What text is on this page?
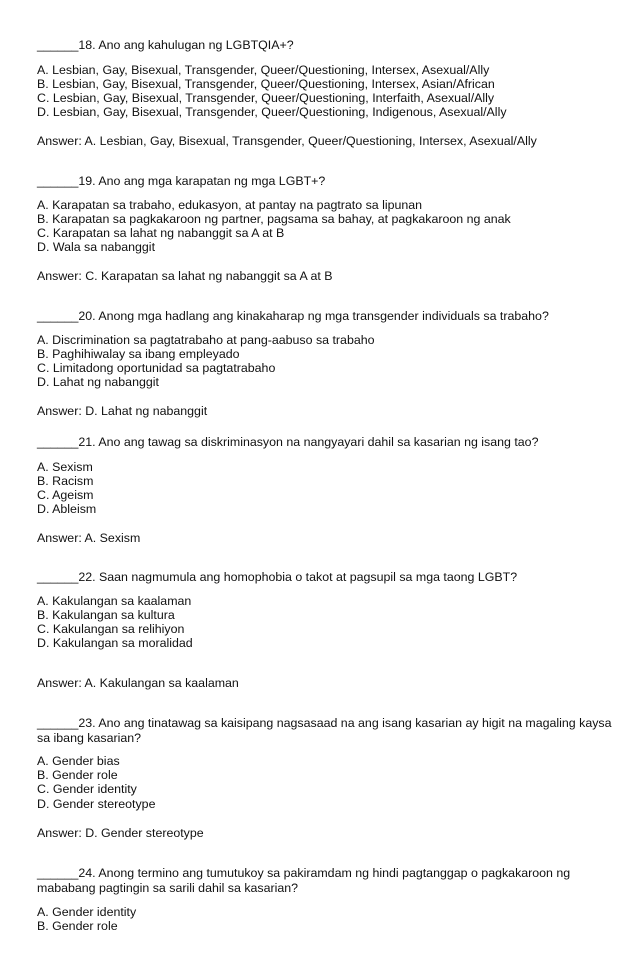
______18. Ano ang kahulugan ng LGBTQIA+?
A. Lesbian, Gay, Bisexual, Transgender, Queer/Questioning, Intersex, Asexual/Ally
B. Lesbian, Gay, Bisexual, Transgender, Queer/Questioning, Intersex, Asian/African
C. Lesbian, Gay, Bisexual, Transgender, Queer/Questioning, Interfaith, Asexual/Ally
D. Lesbian, Gay, Bisexual, Transgender, Queer/Questioning, Indigenous, Asexual/Ally
Answer: A. Lesbian, Gay, Bisexual, Transgender, Queer/Questioning, Intersex, Asexual/Ally
______19. Ano ang mga karapatan ng mga LGBT+?
A. Karapatan sa trabaho, edukasyon, at pantay na pagtrato sa lipunan
B. Karapatan sa pagkakaroon ng partner, pagsama sa bahay, at pagkakaroon ng anak
C. Karapatan sa lahat ng nabanggit sa A at B
D. Wala sa nabanggit
Answer: C. Karapatan sa lahat ng nabanggit sa A at B
______20. Anong mga hadlang ang kinakaharap ng mga transgender individuals sa trabaho?
A. Discrimination sa pagtatrabaho at pang-aabuso sa trabaho
B. Paghihiwalay sa ibang empleyado
C. Limitadong oportunidad sa pagtatrabaho
D. Lahat ng nabanggit
Answer: D. Lahat ng nabanggit
______21. Ano ang tawag sa diskriminasyon na nangyayari dahil sa kasarian ng isang tao?
A. Sexism
B. Racism
C. Ageism
D. Ableism
Answer: A. Sexism
______22. Saan nagmumula ang homophobia o takot at pagsupil sa mga taong LGBT?
A. Kakulangan sa kaalaman
B. Kakulangan sa kultura
C. Kakulangan sa relihiyon
D. Kakulangan sa moralidad
Answer: A. Kakulangan sa kaalaman
______23. Ano ang tinatawag sa kaisipang nagsasaad na ang isang kasarian ay higit na magaling kaysa sa ibang kasarian?
A. Gender bias
B. Gender role
C. Gender identity
D. Gender stereotype
Answer: D. Gender stereotype
______24. Anong termino ang tumutukoy sa pakiramdam ng hindi pagtanggap o pagkakaroon ng mababang pagtingin sa sarili dahil sa kasarian?
A. Gender identity
B. Gender role
